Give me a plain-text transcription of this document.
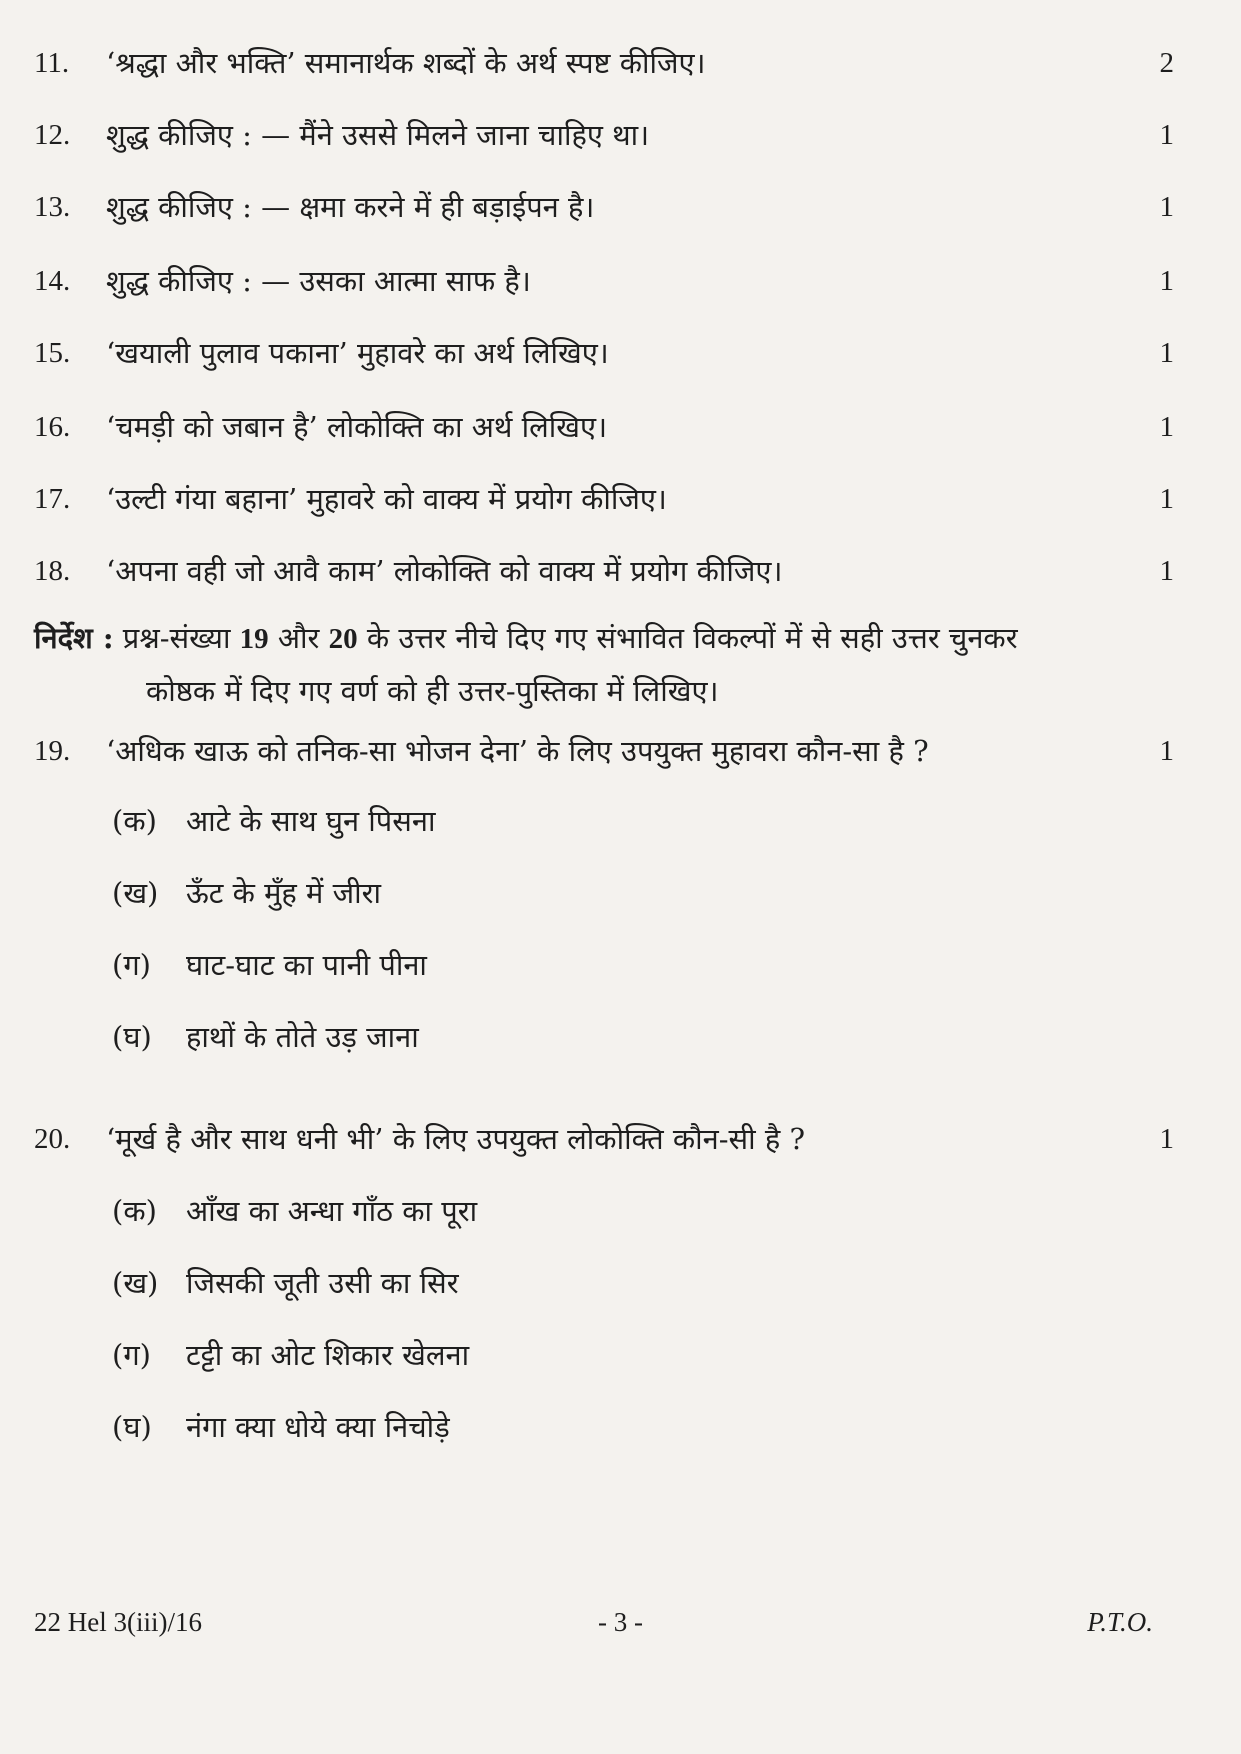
11.	‘श्रद्धा और भक्ति’ समानार्थक शब्दों के अर्थ स्पष्ट कीजिए।	2
12.	शुद्ध कीजिए : — मैंने उससे मिलने जाना चाहिए था।	1
13.	शुद्ध कीजिए : — क्षमा करने में ही बड़ाईपन है।	1
14.	शुद्ध कीजिए : — उसका आत्मा साफ है।	1
15.	‘खयाली पुलाव पकाना’ मुहावरे का अर्थ लिखिए।	1
16.	‘चमड़ी को जबान है’ लोकोक्ति का अर्थ लिखिए।	1
17.	‘उल्टी गंया बहाना’ मुहावरे को वाक्य में प्रयोग कीजिए।	1
18.	‘अपना वही जो आवै काम’ लोकोक्ति को वाक्य में प्रयोग कीजिए।	1
निर्देश : प्रश्न-संख्या 19 और 20 के उत्तर नीचे दिए गए संभावित विकल्पों में से सही उत्तर चुनकर
कोष्ठक में दिए गए वर्ण को ही उत्तर-पुस्तिका में लिखिए।
19.	‘अधिक खाऊ को तनिक-सा भोजन देना’ के लिए उपयुक्त मुहावरा कौन-सा है ?	1
(क) आटे के साथ घुन पिसना
(ख) ऊँट के मुँह में जीरा
(ग) घाट-घाट का पानी पीना
(घ) हाथों के तोते उड़ जाना
20.	‘मूर्ख है और साथ धनी भी’ के लिए उपयुक्त लोकोक्ति कौन-सी है ?	1
(क) आँख का अन्धा गाँठ का पूरा
(ख) जिसकी जूती उसी का सिर
(ग) टट्टी का ओट शिकार खेलना
(घ) नंगा क्या धोये क्या निचोड़े
22 Hel 3(iii)/16	- 3 -	P.T.O.
